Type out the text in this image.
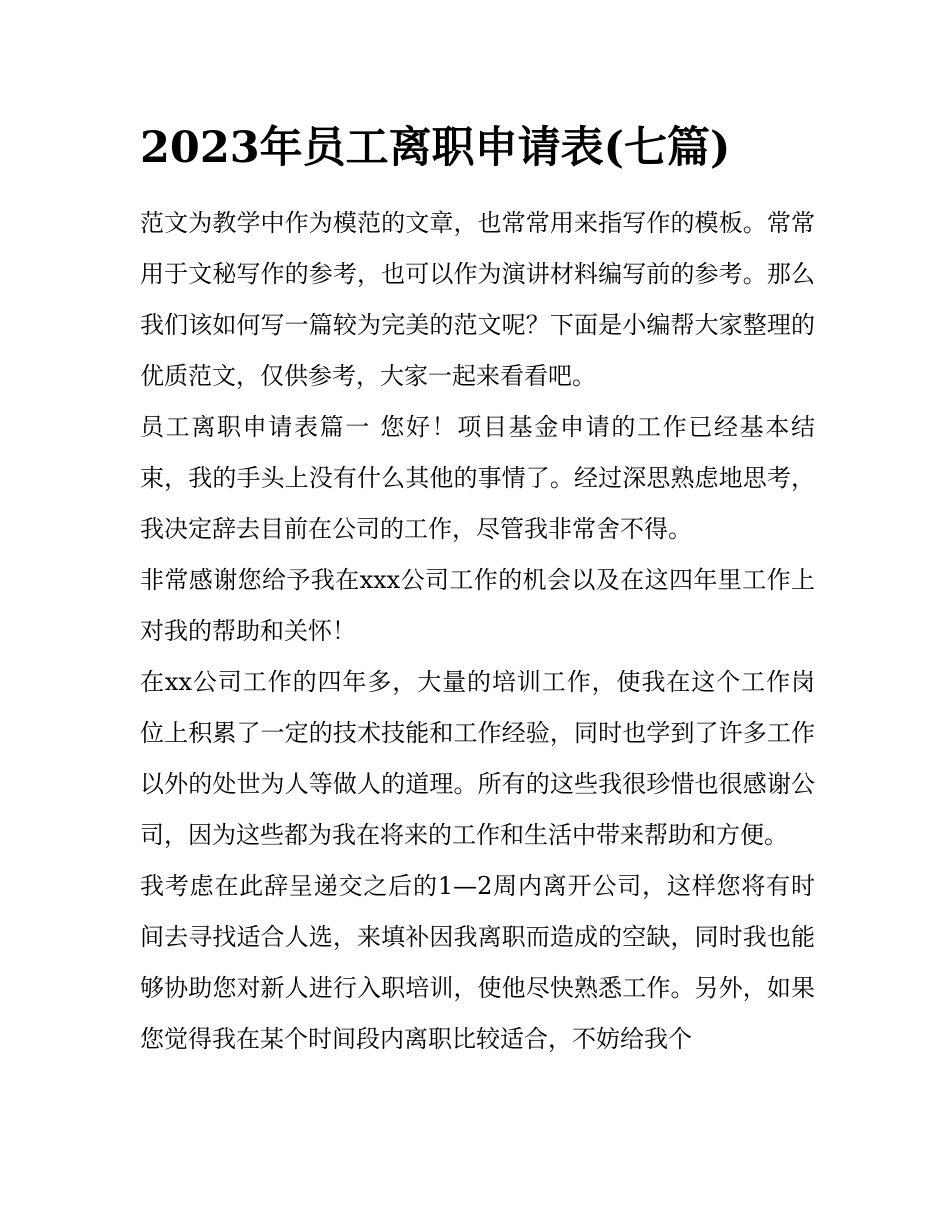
2023年员工离职申请表(七篇)

范文为教学中作为模范的文章，也常常用来指写作的模板。常常用于文秘写作的参考，也可以作为演讲材料编写前的参考。那么我们该如何写一篇较为完美的范文呢？下面是小编帮大家整理的优质范文，仅供参考，大家一起来看看吧。

员工离职申请表篇一 您好！项目基金申请的工作已经基本结束，我的手头上没有什么其他的事情了。经过深思熟虑地思考，我决定辞去目前在公司的工作，尽管我非常舍不得。

非常感谢您给予我在xxx公司工作的机会以及在这四年里工作上对我的帮助和关怀！

在xx公司工作的四年多，大量的培训工作，使我在这个工作岗位上积累了一定的技术技能和工作经验，同时也学到了许多工作以外的处世为人等做人的道理。所有的这些我很珍惜也很感谢公司，因为这些都为我在将来的工作和生活中带来帮助和方便。

我考虑在此辞呈递交之后的1—2周内离开公司，这样您将有时间去寻找适合人选，来填补因我离职而造成的空缺，同时我也能够协助您对新人进行入职培训，使他尽快熟悉工作。另外，如果您觉得我在某个时间段内离职比较适合，不妨给我个
